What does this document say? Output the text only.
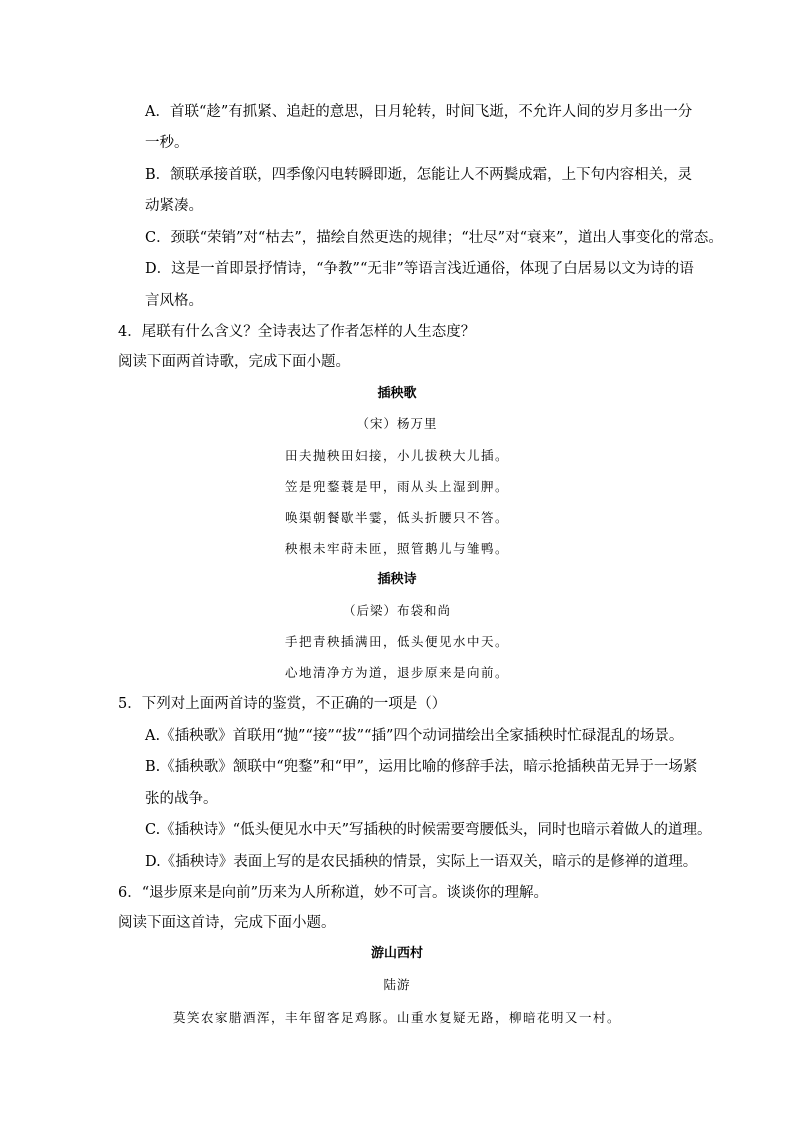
A．首联“趁”有抓紧、追赶的意思，日月轮转，时间飞逝，不允许人间的岁月多出一分
一秒。
B．颔联承接首联，四季像闪电转瞬即逝，怎能让人不两鬓成霜，上下句内容相关，灵
动紧凑。
C．颈联“荣销”对“枯去”，描绘自然更迭的规律；“壮尽”对“衰来”，道出人事变化的常态。
D．这是一首即景抒情诗，“争教”“无非”等语言浅近通俗，体现了白居易以文为诗的语
言风格。
4．尾联有什么含义？全诗表达了作者怎样的人生态度？
阅读下面两首诗歌，完成下面小题。
插秧歌
（宋）杨万里
田夫抛秧田妇接，小儿拔秧大儿插。
笠是兜鍪蓑是甲，雨从头上湿到胛。
唤渠朝餐歇半霎，低头折腰只不答。
秧根未牢莳未匝，照管鹅儿与雏鸭。
插秧诗
（后梁）布袋和尚
手把青秧插满田，低头便见水中天。
心地清净方为道，退步原来是向前。
5．下列对上面两首诗的鉴赏，不正确的一项是（）
A.《插秧歌》首联用“抛”“接”“拔”“插”四个动词描绘出全家插秧时忙碌混乱的场景。
B.《插秧歌》颔联中“兜鍪”和“甲”，运用比喻的修辞手法，暗示抢插秧苗无异于一场紧
张的战争。
C.《插秧诗》“低头便见水中天”写插秧的时候需要弯腰低头，同时也暗示着做人的道理。
D.《插秧诗》表面上写的是农民插秧的情景，实际上一语双关，暗示的是修禅的道理。
6．“退步原来是向前”历来为人所称道，妙不可言。谈谈你的理解。
阅读下面这首诗，完成下面小题。
游山西村
陆游
莫笑农家腊酒浑，丰年留客足鸡豚。山重水复疑无路，柳暗花明又一村。
